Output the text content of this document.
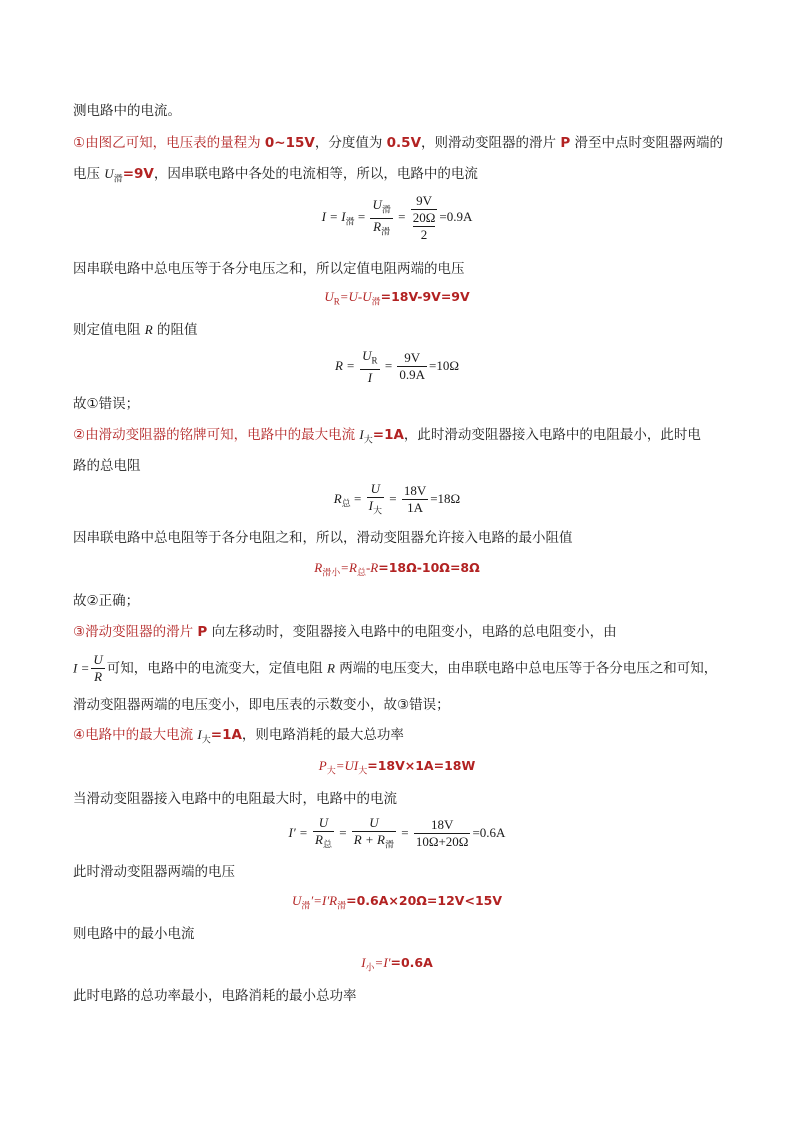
测电路中的电流。
①由图乙可知，电压表的量程为 0~15V，分度值为 0.5V，则滑动变阻器的滑片 P 滑至中点时变阻器两端的
电压 $U_滑=9V$，因串联电路中各处的电流相等，所以，电路中的电流
$I = I_滑 = \frac{U_滑}{R_滑}$ =
9V
20Ω
2
=0.9A
因串联电路中总电压等于各分电压之和，所以定值电阻两端的电压
$U_R=U-U_滑=18V-9V=9V$
则定值电阻 R 的阻值
$R = \frac{U_R}{I} = \frac{9V}{0.9A} =10\Omega$
故①错误；
②由滑动变阻器的铭牌可知，电路中的最大电流 $I_大=1A$，此时滑动变阻器接入电路中的电阻最小，此时电
路的总电阻
$R_总 = \frac{U}{I_大} = \frac{18V}{1A} =18\Omega$
因串联电路中总电阻等于各分电阻之和，所以，滑动变阻器允许接入电路的最小阻值
$R_{滑小}=R_总-R=18\Omega-10\Omega=8\Omega$
故②正确；
③滑动变阻器的滑片 P 向左移动时，变阻器接入电路中的电阻变小，电路的总电阻变小，由
$I = \frac{U}{R}$ 可知，电路中的电流变大，定值电阻 R 两端的电压变大，由串联电路中总电压等于各分电压之和可知，
滑动变阻器两端的电压变小，即电压表的示数变小，故③错误；
④电路中的最大电流 $I_大=1A$，则电路消耗的最大总功率
$P_大=UI_大=18V\times 1A=18W$
当滑动变阻器接入电路中的电阻最大时，电路中的电流
$I' = \frac{U}{R_总} = \frac{U}{R + R_滑} = \frac{18V}{10\Omega+20\Omega} =0.6A$
此时滑动变阻器两端的电压
$U_滑'=I'R_滑=0.6A\times 20\Omega=12V<15V$
则电路中的最小电流
$I_小=I'=0.6A$
此时电路的总功率最小，电路消耗的最小总功率
